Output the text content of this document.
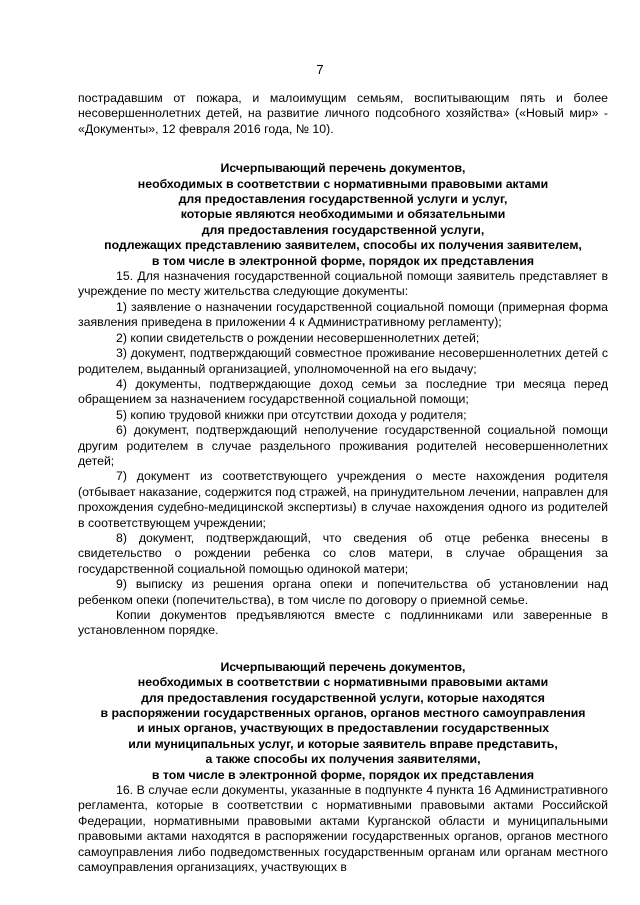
7

пострадавшим от пожара, и малоимущим семьям, воспитывающим пять и более несовершеннолетних детей, на развитие личного подсобного хозяйства» («Новый мир» - «Документы», 12 февраля 2016 года, № 10).

Исчерпывающий перечень документов,
необходимых в соответствии с нормативными правовыми актами
для предоставления государственной услуги и услуг,
которые являются необходимыми и обязательными
для предоставления государственной услуги,
подлежащих представлению заявителем, способы их получения заявителем,
в том числе в электронной форме, порядок их представления

15. Для назначения государственной социальной помощи заявитель представляет в учреждение по месту жительства следующие документы:

1) заявление о назначении государственной социальной помощи (примерная форма заявления приведена в приложении 4 к Административному регламенту);

2) копии свидетельств о рождении несовершеннолетних детей;

3) документ, подтверждающий совместное проживание несовершеннолетних детей с родителем, выданный организацией, уполномоченной на его выдачу;

4) документы, подтверждающие доход семьи за последние три месяца перед обращением за назначением государственной социальной помощи;

5) копию трудовой книжки при отсутствии дохода у родителя;

6) документ, подтверждающий неполучение государственной социальной помощи другим родителем в случае раздельного проживания родителей несовершеннолетних детей;

7) документ из соответствующего учреждения о месте нахождения родителя (отбывает наказание, содержится под стражей, на принудительном лечении, направлен для прохождения судебно-медицинской экспертизы) в случае нахождения одного из родителей в соответствующем учреждении;

8) документ, подтверждающий, что сведения об отце ребенка внесены в свидетельство о рождении ребенка со слов матери, в случае обращения за государственной социальной помощью одинокой матери;

9) выписку из решения органа опеки и попечительства об установлении над ребенком опеки (попечительства), в том числе по договору о приемной семье.

Копии документов предъявляются вместе с подлинниками или заверенные в установленном порядке.

Исчерпывающий перечень документов,
необходимых в соответствии с нормативными правовыми актами
для предоставления государственной услуги, которые находятся
в распоряжении государственных органов, органов местного самоуправления
и иных органов, участвующих в предоставлении государственных
или муниципальных услуг, и которые заявитель вправе представить,
а также способы их получения заявителями,
в том числе в электронной форме, порядок их представления

16. В случае если документы, указанные в подпункте 4 пункта 16 Административного регламента, которые в соответствии с нормативными правовыми актами Российской Федерации, нормативными правовыми актами Курганской области и муниципальными правовыми актами находятся в распоряжении государственных органов, органов местного самоуправления либо подведомственных государственным органам или органам местного самоуправления организациях, участвующих в
